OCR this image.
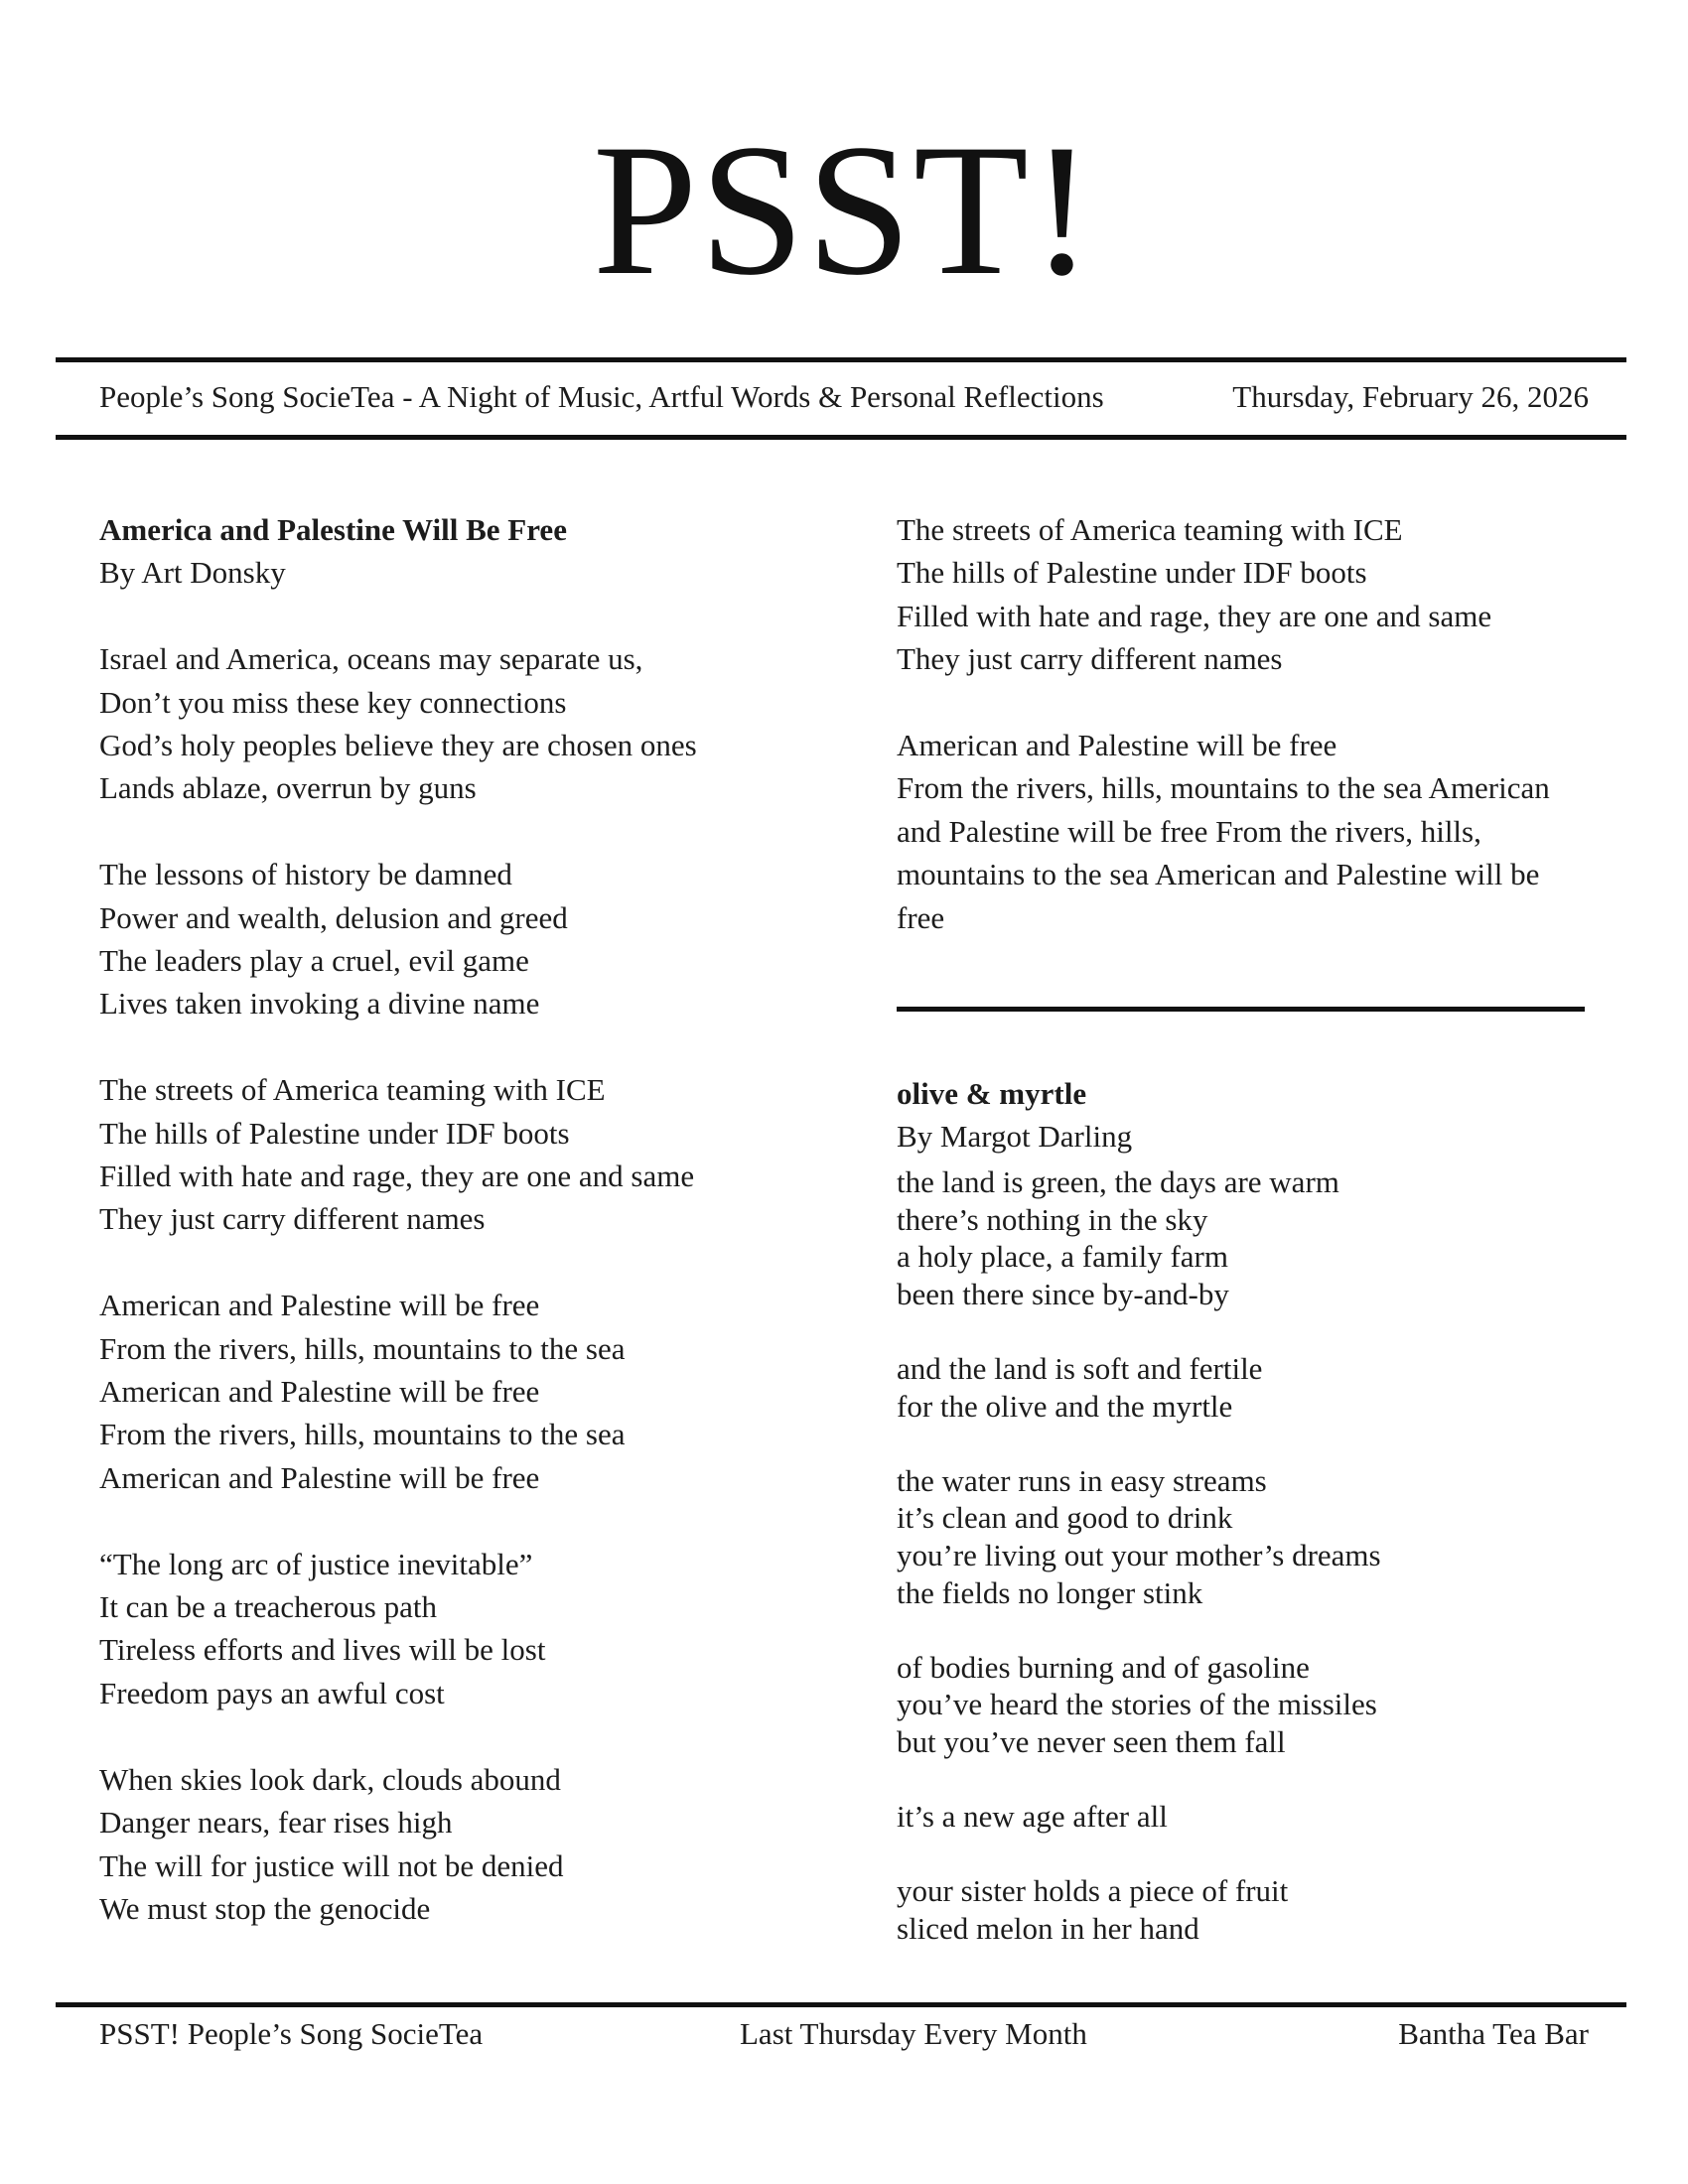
PSST!
People’s Song SocieTea - A Night of Music, Artful Words & Personal Reflections	Thursday, February 26, 2026
America and Palestine Will Be Free
By Art Donsky
Israel and America, oceans may separate us,
Don’t you miss these key connections
God’s holy peoples believe they are chosen ones
Lands ablaze, overrun by guns
The lessons of history be damned
Power and wealth, delusion and greed
The leaders play a cruel, evil game
Lives taken invoking a divine name
The streets of America teaming with ICE
The hills of Palestine under IDF boots
Filled with hate and rage, they are one and same
They just carry different names
American and Palestine will be free
From the rivers, hills, mountains to the sea
American and Palestine will be free
From the rivers, hills, mountains to the sea
American and Palestine will be free
“The long arc of justice inevitable”
It can be a treacherous path
Tireless efforts and lives will be lost
Freedom pays an awful cost
When skies look dark, clouds abound
Danger nears, fear rises high
The will for justice will not be denied
We must stop the genocide
The streets of America teaming with ICE
The hills of Palestine under IDF boots
Filled with hate and rage, they are one and same
They just carry different names
American and Palestine will be free
From the rivers, hills, mountains to the sea American and Palestine will be free From the rivers, hills, mountains to the sea American and Palestine will be free
olive & myrtle
By Margot Darling
the land is green, the days are warm
there’s nothing in the sky
a holy place, a family farm
been there since by-and-by
and the land is soft and fertile
for the olive and the myrtle
the water runs in easy streams
it’s clean and good to drink
you’re living out your mother’s dreams
the fields no longer stink
of bodies burning and of gasoline
you’ve heard the stories of the missiles
but you’ve never seen them fall
it’s a new age after all
your sister holds a piece of fruit
sliced melon in her hand
PSST! People’s Song SocieTea	Last Thursday Every Month	Bantha Tea Bar
